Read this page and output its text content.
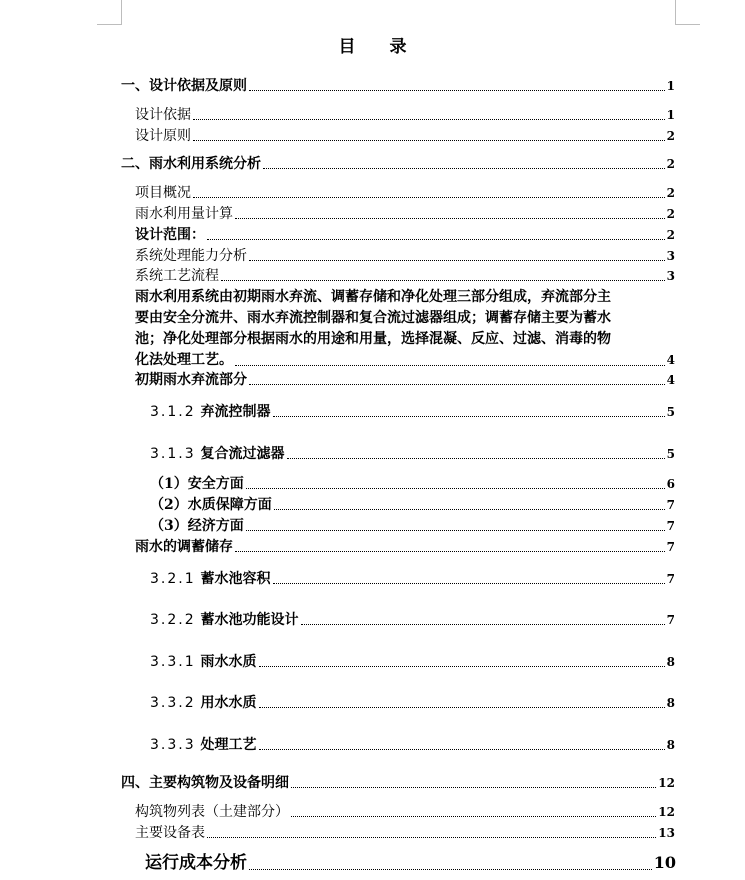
目 录
一、设计依据及原则	1
设计依据	1
设计原则	2
二、雨水利用系统分析	2
项目概况	2
雨水利用量计算	2
设计范围：	2
系统处理能力分析	3
系统工艺流程	3
雨水利用系统由初期雨水弃流、调蓄存储和净化处理三部分组成，弃流部分主
要由安全分流井、雨水弃流控制器和复合流过滤器组成；调蓄存储主要为蓄水
池；净化处理部分根据雨水的用途和用量，选择混凝、反应、过滤、消毒的物
化法处理工艺。	4
初期雨水弃流部分	4
3.1.2 弃流控制器	5
3.1.3 复合流过滤器	5
（1）安全方面	6
（2）水质保障方面	7
（3）经济方面	7
雨水的调蓄储存	7
3.2.1 蓄水池容积	7
3.2.2 蓄水池功能设计	7
3.3.1 雨水水质	8
3.3.2 用水水质	8
3.3.3 处理工艺	8
四、主要构筑物及设备明细	12
构筑物列表（土建部分）	12
主要设备表	13
运行成本分析	10
